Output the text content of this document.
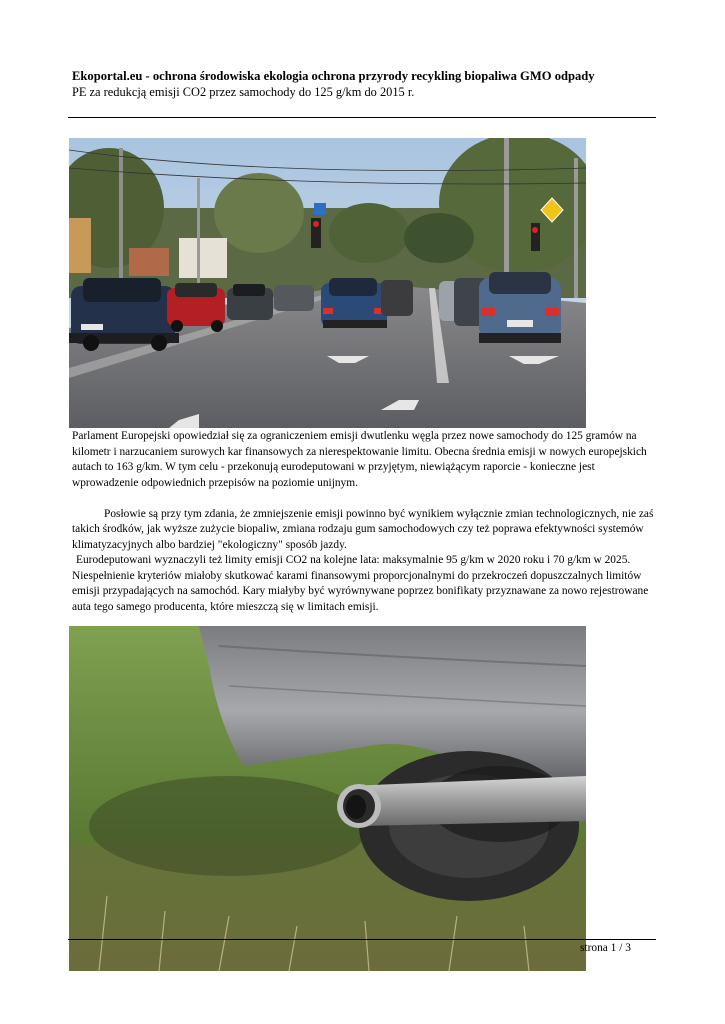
Ekoportal.eu - ochrona środowiska ekologia ochrona przyrody recykling biopaliwa GMO odpady
PE za redukcją emisji CO2 przez samochody do 125 g/km do 2015 r.

Parlament Europejski opowiedział się za ograniczeniem emisji dwutlenku węgla przez nowe samochody do 125 gramów na kilometr i narzucaniem surowych kar finansowych za nierespektowanie limitu. Obecna średnia emisji w nowych europejskich autach to 163 g/km. W tym celu - przekonują eurodeputowani w przyjętym, niewiążącym raporcie - konieczne jest wprowadzenie odpowiednich przepisów na poziomie unijnym.

Posłowie są przy tym zdania, że zmniejszenie emisji powinno być wynikiem wyłącznie zmian technologicznych, nie zaś takich środków, jak wyższe zużycie biopaliw, zmiana rodzaju gum samochodowych czy też poprawa efektywności systemów klimatyzacyjnych albo bardziej "ekologiczny" sposób jazdy.

Eurodeputowani wyznaczyli też limity emisji CO2 na kolejne lata: maksymalnie 95 g/km w 2020 roku i 70 g/km w 2025. Niespełnienie kryteriów miałoby skutkować karami finansowymi proporcjonalnymi do przekroczeń dopuszczalnych limitów emisji przypadających na samochód. Kary miałyby być wyrównywane poprzez bonifikaty przyznawane za nowo rejestrowane auta tego samego producenta, które mieszczą się w limitach emisji.

strona 1 / 3
